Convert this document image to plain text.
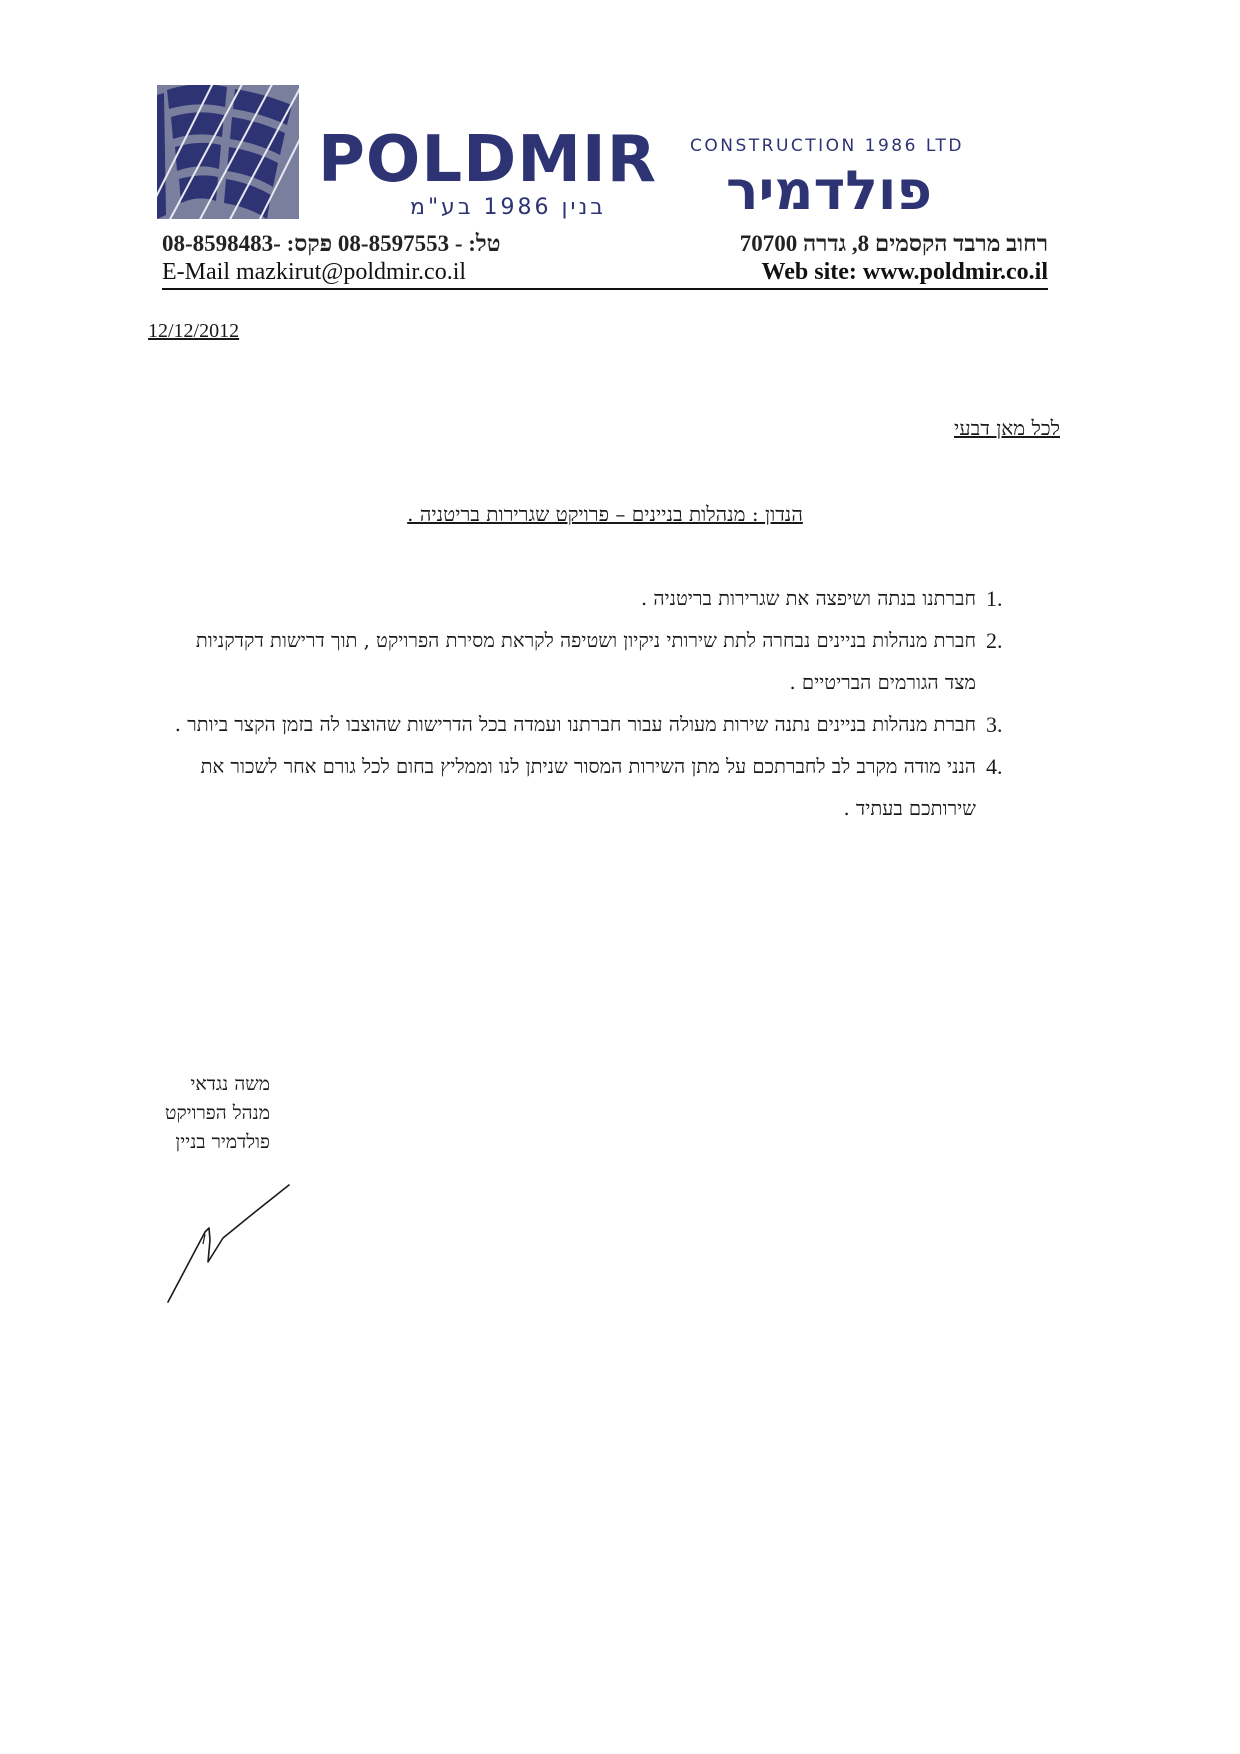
POLDMIR CONSTRUCTION 1986 LTD
פולדמיר
בנין 1986 בע"מ
טל: - 08-8597553 פקס: -08-8598483	רחוב מרבד הקסמים 8, גדרה 70700
E-Mail mazkirut@poldmir.co.il	Web site: www.poldmir.co.il
12/12/2012
לכל מאן דבעי
הנדון : מנהלות בניינים – פרויקט שגרירות בריטניה .
1.
חברתנו בנתה ושיפצה את שגרירות בריטניה .
2.
חברת מנהלות בניינים נבחרה לתת שירותי ניקיון ושטיפה לקראת מסירת הפרויקט , תוך דרישות דקדקניות מצד הגורמים הבריטיים .
3.
חברת מנהלות בניינים נתנה שירות מעולה עבור חברתנו ועמדה בכל הדרישות שהוצבו לה בזמן הקצר ביותר .
4.
הנני מודה מקרב לב לחברתכם על מתן השירות המסור שניתן לנו וממליץ בחום לכל גורם אחר לשכור את שירותכם בעתיד .
משה נגדאי
מנהל הפרויקט
פולדמיר בניין
